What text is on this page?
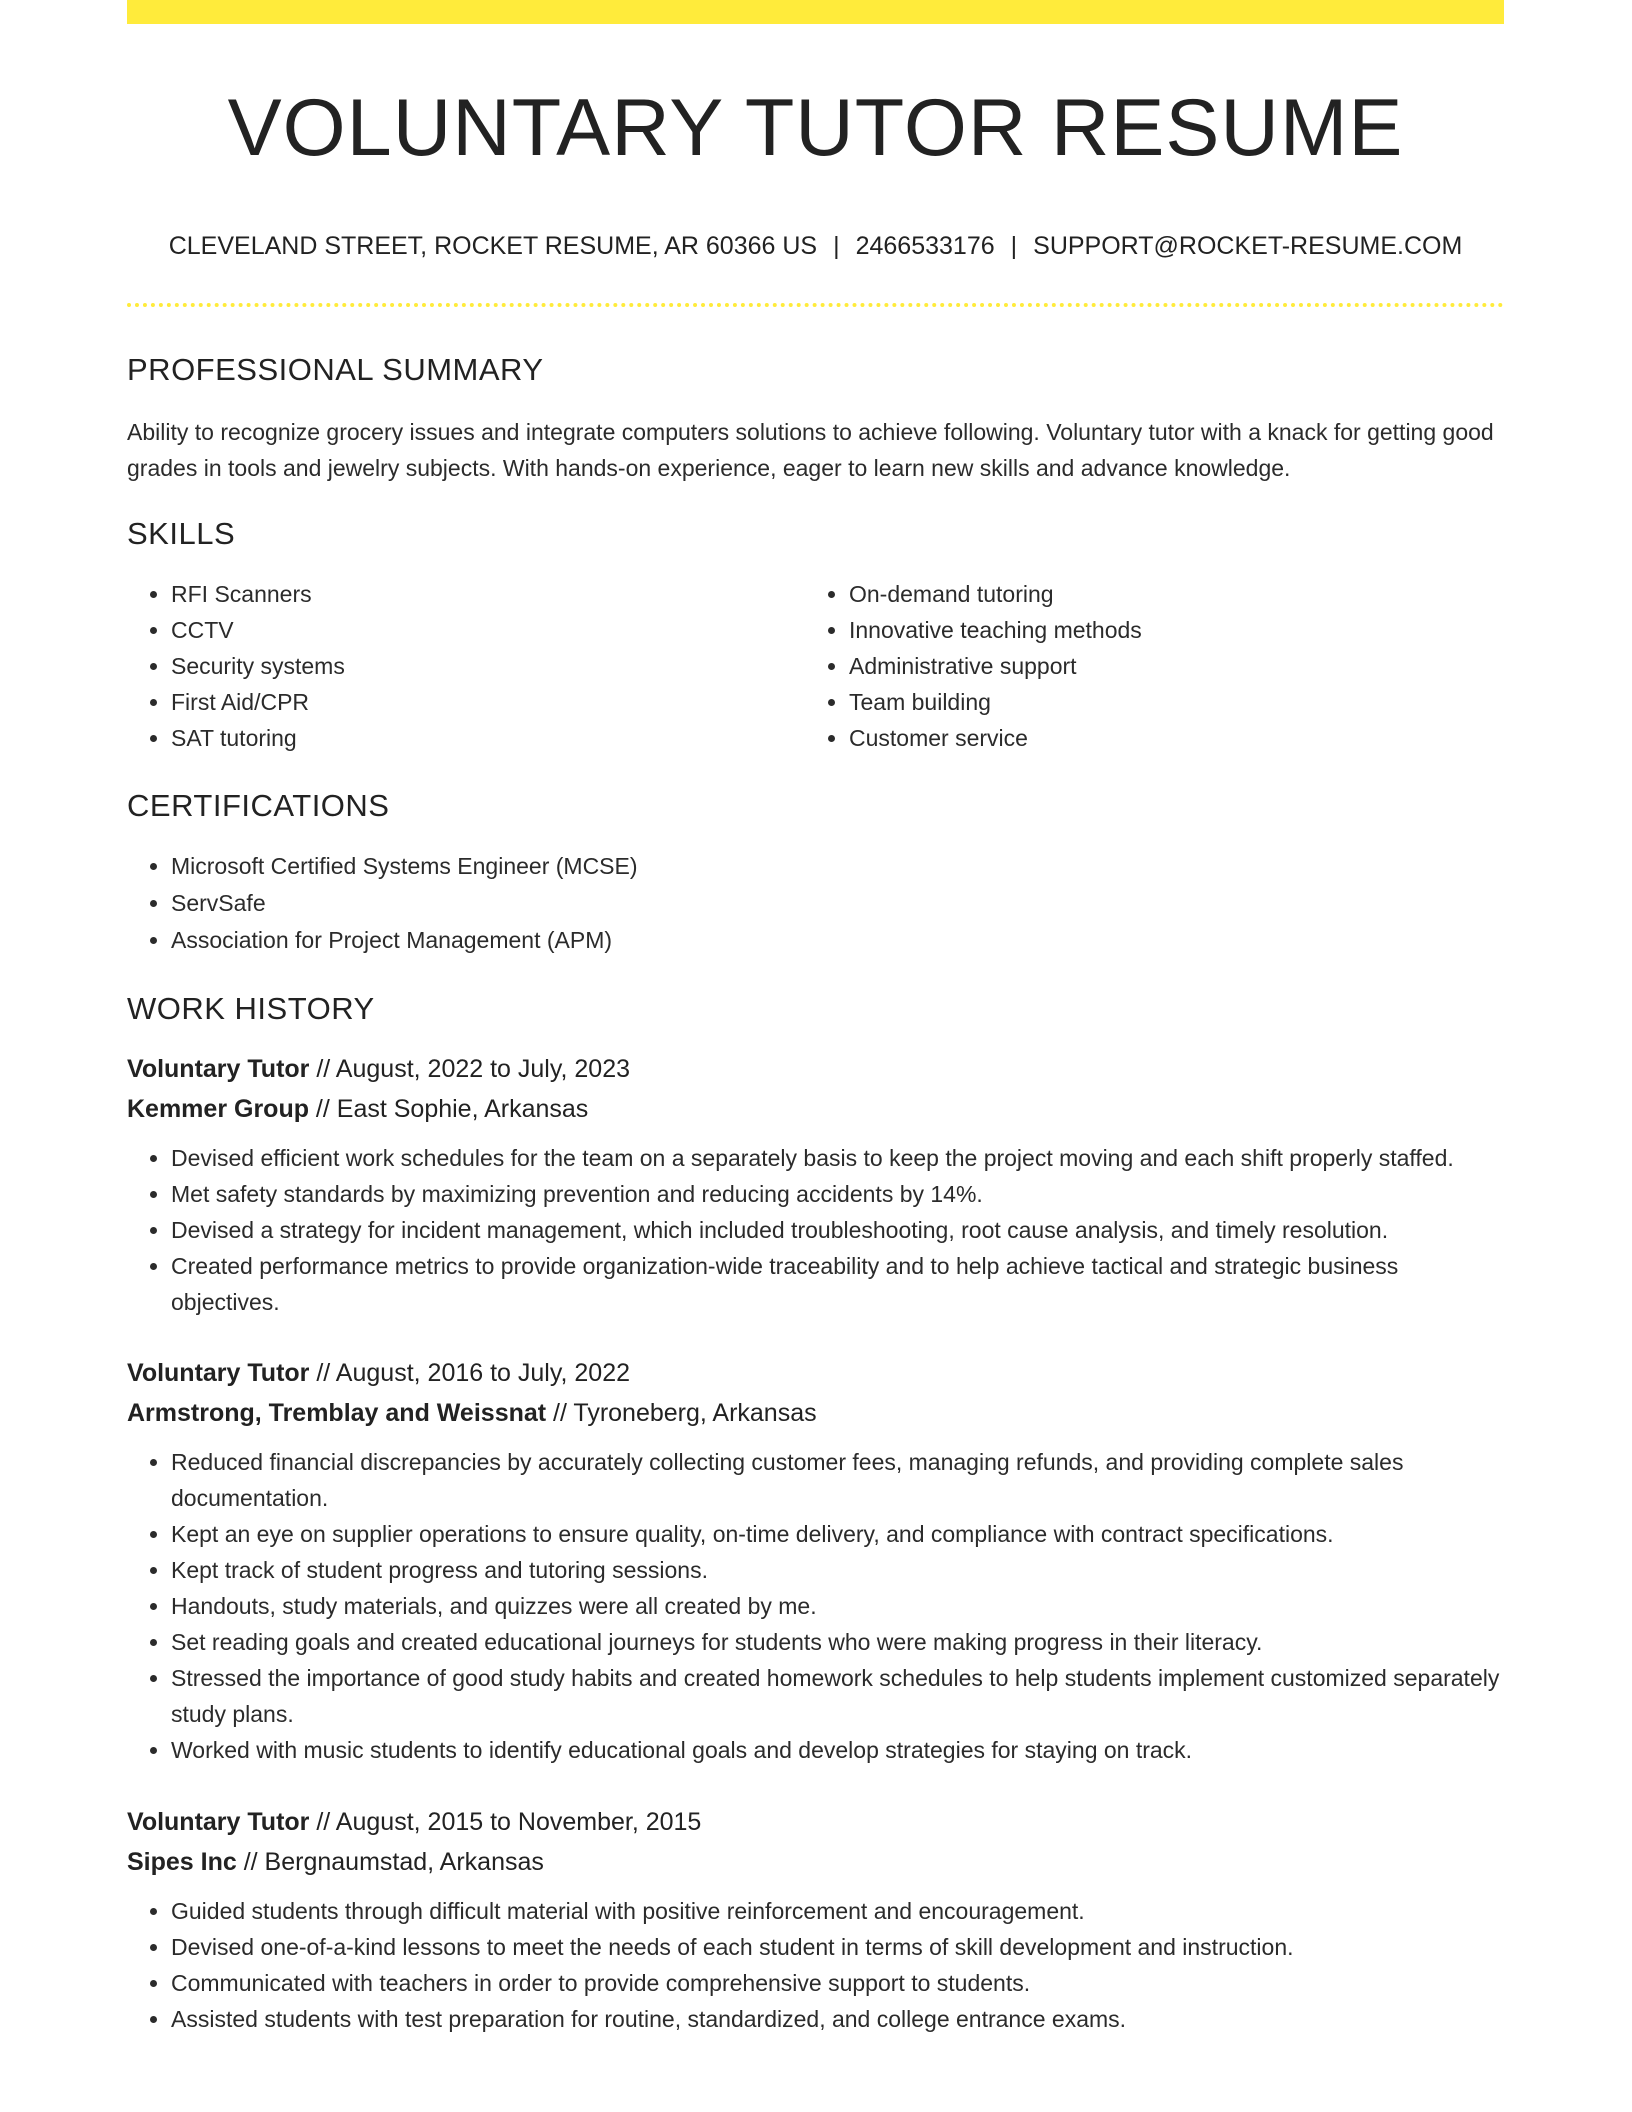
VOLUNTARY TUTOR RESUME
CLEVELAND STREET, ROCKET RESUME, AR 60366 US | 2466533176 | SUPPORT@ROCKET-RESUME.COM
PROFESSIONAL SUMMARY
Ability to recognize grocery issues and integrate computers solutions to achieve following. Voluntary tutor with a knack for getting good grades in tools and jewelry subjects. With hands-on experience, eager to learn new skills and advance knowledge.
SKILLS
• RFI Scanners
• CCTV
• Security systems
• First Aid/CPR
• SAT tutoring
• On-demand tutoring
• Innovative teaching methods
• Administrative support
• Team building
• Customer service
CERTIFICATIONS
• Microsoft Certified Systems Engineer (MCSE)
• ServSafe
• Association for Project Management (APM)
WORK HISTORY
Voluntary Tutor // August, 2022 to July, 2023
Kemmer Group // East Sophie, Arkansas
• Devised efficient work schedules for the team on a separately basis to keep the project moving and each shift properly staffed.
• Met safety standards by maximizing prevention and reducing accidents by 14%.
• Devised a strategy for incident management, which included troubleshooting, root cause analysis, and timely resolution.
• Created performance metrics to provide organization-wide traceability and to help achieve tactical and strategic business objectives.
Voluntary Tutor // August, 2016 to July, 2022
Armstrong, Tremblay and Weissnat // Tyroneberg, Arkansas
• Reduced financial discrepancies by accurately collecting customer fees, managing refunds, and providing complete sales documentation.
• Kept an eye on supplier operations to ensure quality, on-time delivery, and compliance with contract specifications.
• Kept track of student progress and tutoring sessions.
• Handouts, study materials, and quizzes were all created by me.
• Set reading goals and created educational journeys for students who were making progress in their literacy.
• Stressed the importance of good study habits and created homework schedules to help students implement customized separately study plans.
• Worked with music students to identify educational goals and develop strategies for staying on track.
Voluntary Tutor // August, 2015 to November, 2015
Sipes Inc // Bergnaumstad, Arkansas
• Guided students through difficult material with positive reinforcement and encouragement.
• Devised one-of-a-kind lessons to meet the needs of each student in terms of skill development and instruction.
• Communicated with teachers in order to provide comprehensive support to students.
• Assisted students with test preparation for routine, standardized, and college entrance exams.
